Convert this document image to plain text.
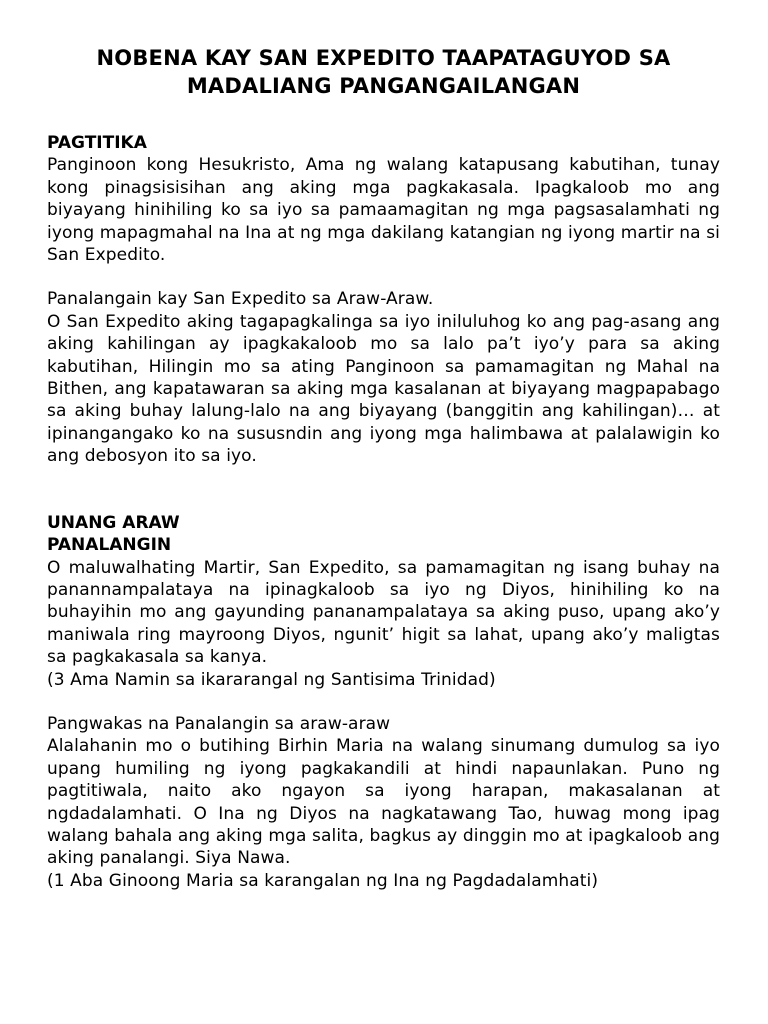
NOBENA KAY SAN EXPEDITO TAAPATAGUYOD SA MADALIANG PANGANGAILANGAN

PAGTITIKA

Panginoon kong Hesukristo, Ama ng walang katapusang kabutihan, tunay kong pinagsisisihan ang aking mga pagkakasala. Ipagkaloob mo ang biyayang hinihiling ko sa iyo sa pamaamagitan ng mga pagsasalamhati ng iyong mapagmahal na Ina at ng mga dakilang katangian ng iyong martir na si San Expedito.

Panalangain kay San Expedito sa Araw-Araw.

O San Expedito aking tagapagkalinga sa iyo iniluluhog ko ang pag-asang ang aking kahilingan ay ipagkakaloob mo sa lalo pa’t iyo’y para sa aking kabutihan, Hilingin mo sa ating Panginoon sa pamamagitan ng Mahal na Bithen, ang kapatawaran sa aking mga kasalanan at biyayang magpapabago sa aking buhay lalung-lalo na ang biyayang (banggitin ang kahilingan)… at ipinangangako ko na sususndin ang iyong mga halimbawa at palalawigin ko ang debosyon ito sa iyo.

UNANG ARAW

PANALANGIN

O maluwalhating Martir, San Expedito, sa pamamagitan ng isang buhay na panannampalataya na ipinagkaloob sa iyo ng Diyos, hinihiling ko na buhayihin mo ang gayunding pananampalataya sa aking puso, upang ako’y maniwala ring mayroong Diyos, ngunit’ higit sa lahat, upang ako’y maligtas sa pagkakasala sa kanya.

(3 Ama Namin sa ikararangal ng Santisima Trinidad)

Pangwakas na Panalangin sa araw-araw

Alalahanin mo o butihing Birhin Maria na walang sinumang dumulog sa iyo upang humiling ng iyong pagkakandili at hindi napaunlakan. Puno ng pagtitiwala, naito ako ngayon sa iyong harapan, makasalanan at ngdadalamhati. O Ina ng Diyos na nagkatawang Tao, huwag mong ipag walang bahala ang aking mga salita, bagkus ay dinggin mo at ipagkaloob ang aking panalangi. Siya Nawa.

(1 Aba Ginoong Maria sa karangalan ng Ina ng Pagdadalamhati)
